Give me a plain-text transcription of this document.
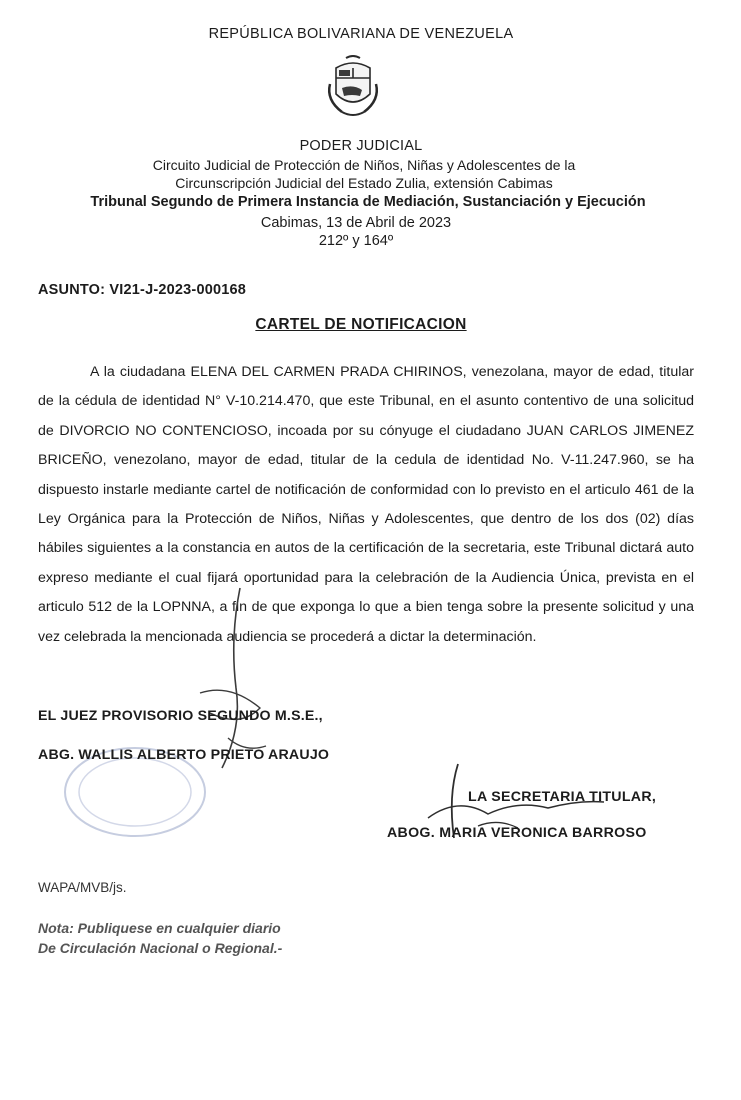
REPÚBLICA BOLIVARIANA DE VENEZUELA
PODER JUDICIAL
Circuito Judicial de Protección de Niños, Niñas y Adolescentes de la
Circunscripción Judicial del Estado Zulia, extensión Cabimas
Tribunal Segundo de Primera Instancia de Mediación, Sustanciación y Ejecución
Cabimas, 13 de Abril de 2023
212º y 164º
ASUNTO: VI21-J-2023-000168
CARTEL DE NOTIFICACION
A la ciudadana ELENA DEL CARMEN PRADA CHIRINOS, venezolana, mayor de edad, titular de la cédula de identidad N° V-10.214.470, que este Tribunal, en el asunto contentivo de una solicitud de DIVORCIO NO CONTENCIOSO, incoada por su cónyuge el ciudadano JUAN CARLOS JIMENEZ BRICEÑO, venezolano, mayor de edad, titular de la cedula de identidad No. V-11.247.960, se ha dispuesto instarle mediante cartel de notificación de conformidad con lo previsto en el articulo 461 de la Ley Orgánica para la Protección de Niños, Niñas y Adolescentes, que dentro de los dos (02) días hábiles siguientes a la constancia en autos de la certificación de la secretaria, este Tribunal dictará auto expreso mediante el cual fijará oportunidad para la celebración de la Audiencia Única, prevista en el articulo 512 de la LOPNNA, a fin de que exponga lo que a bien tenga sobre la presente solicitud y una vez celebrada la mencionada audiencia se procederá a dictar la determinación.
EL JUEZ PROVISORIO SEGUNDO M.S.E.,
ABG. WALLIS ALBERTO PRIETO ARAUJO
LA SECRETARIA TITULAR,
ABOG. MARIA VERONICA BARROSO
WAPA/MVB/js.
Nota: Publiquese en cualquier diario
De Circulación Nacional o Regional.-
